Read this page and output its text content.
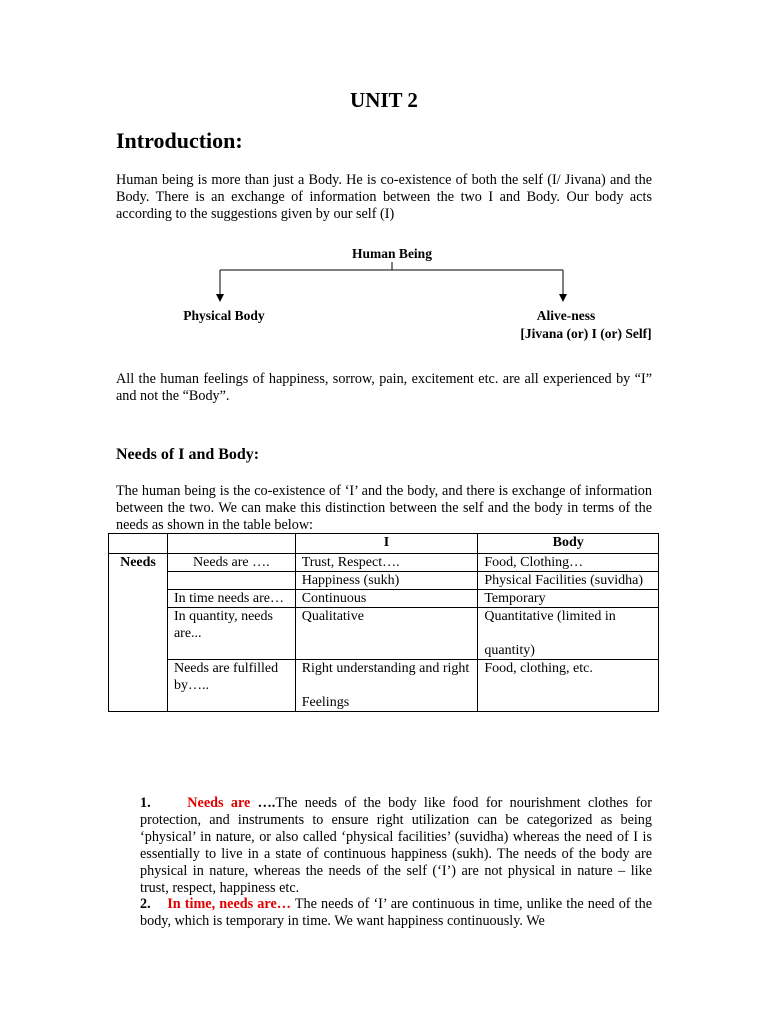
UNIT 2
Introduction:

Human being is more than just a Body. He is co-existence of both the self (I/ Jivana) and the Body. There is an exchange of information between the two I and Body. Our body acts according to the suggestions given by our self (I)

Human Being
Physical Body	Alive-ness
[Jivana (or) I (or) Self]

All the human feelings of happiness, sorrow, pain, excitement etc. are all experienced by “I” and not the “Body”.

Needs of I and Body:

The human being is the co-existence of ‘I’ and the body, and there is exchange of information between the two. We can make this distinction between the self and the body in terms of the needs as shown in the table below:

		I	Body
Needs	Needs are ….	Trust, Respect….	Food, Clothing…
		Happiness (sukh)	Physical Facilities (suvidha)
	In time needs are…	Continuous	Temporary
	In quantity, needs are...	Qualitative	Quantitative (limited in
quantity)

	Needs are fulfilled by…..	Right understanding and right
Feelings	Food, clothing, etc.

1.	Needs are ….The needs of the body like food for nourishment clothes for protection, and instruments to ensure right utilization can be categorized as being ‘physical’ in nature, or also called ‘physical facilities’ (suvidha) whereas the need of I is essentially to live in a state of continuous happiness (sukh). The needs of the body are physical in nature, whereas the needs of the self (‘I’) are not physical in nature – like trust, respect, happiness etc.

2. In time, needs are… The needs of ‘I’ are continuous in time, unlike the need of the body, which is temporary in time. We want happiness continuously. We
